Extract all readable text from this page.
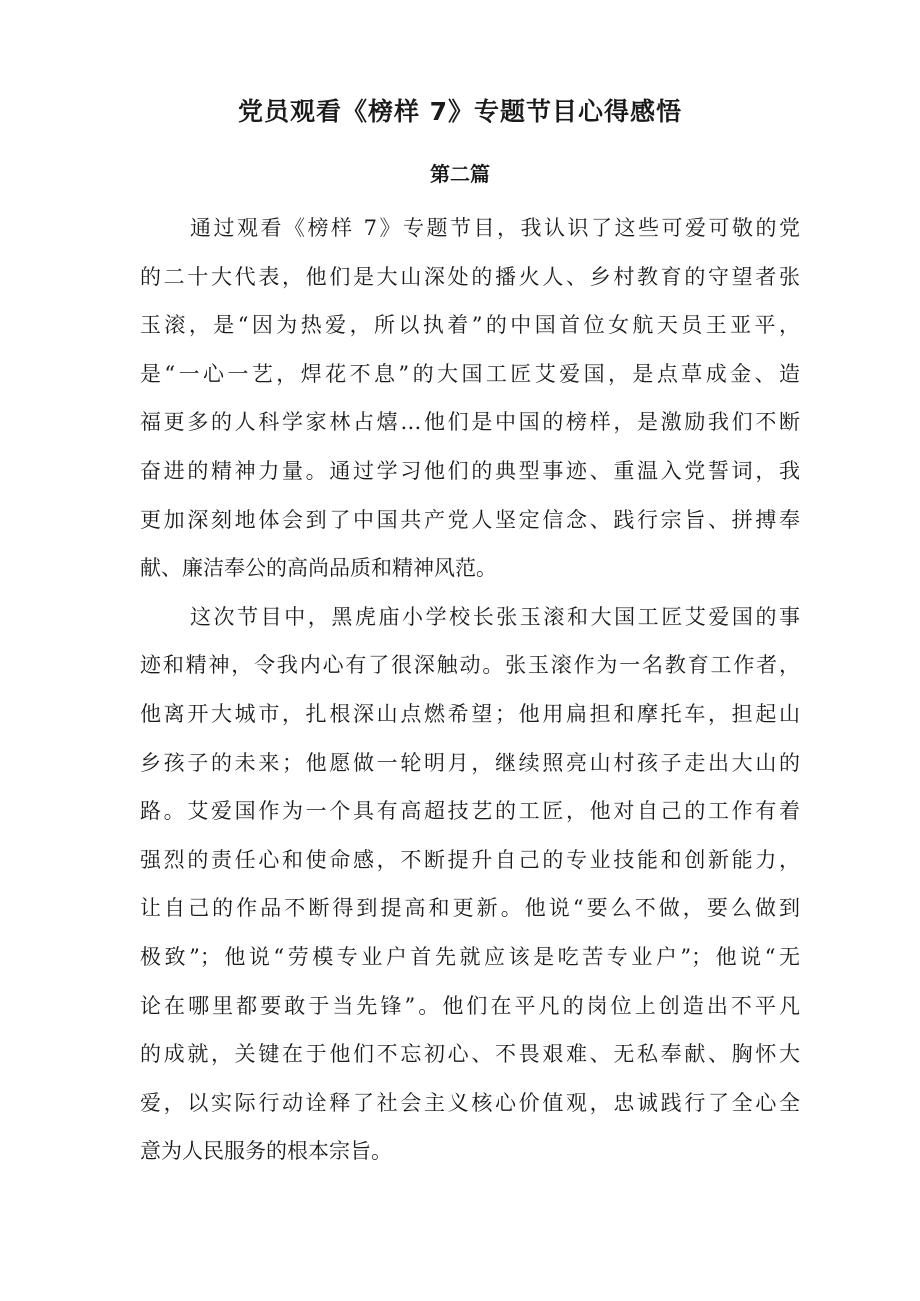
党员观看《榜样 7》专题节目心得感悟
第二篇
通过观看《榜样 7》专题节目，我认识了这些可爱可敬的党
的二十大代表，他们是大山深处的播火人、乡村教育的守望者张
玉滚，是“因为热爱，所以执着”的中国首位女航天员王亚平，
是“一心一艺，焊花不息”的大国工匠艾爱国，是点草成金、造
福更多的人科学家林占熺…他们是中国的榜样，是激励我们不断
奋进的精神力量。通过学习他们的典型事迹、重温入党誓词，我
更加深刻地体会到了中国共产党人坚定信念、践行宗旨、拼搏奉
献、廉洁奉公的高尚品质和精神风范。
这次节目中，黑虎庙小学校长张玉滚和大国工匠艾爱国的事
迹和精神，令我内心有了很深触动。张玉滚作为一名教育工作者，
他离开大城市，扎根深山点燃希望；他用扁担和摩托车，担起山
乡孩子的未来；他愿做一轮明月，继续照亮山村孩子走出大山的
路。艾爱国作为一个具有高超技艺的工匠，他对自己的工作有着
强烈的责任心和使命感，不断提升自己的专业技能和创新能力，
让自己的作品不断得到提高和更新。他说“要么不做，要么做到
极致”；他说“劳模专业户首先就应该是吃苦专业户”；他说“无
论在哪里都要敢于当先锋”。他们在平凡的岗位上创造出不平凡
的成就，关键在于他们不忘初心、不畏艰难、无私奉献、胸怀大
爱，以实际行动诠释了社会主义核心价值观，忠诚践行了全心全
意为人民服务的根本宗旨。
